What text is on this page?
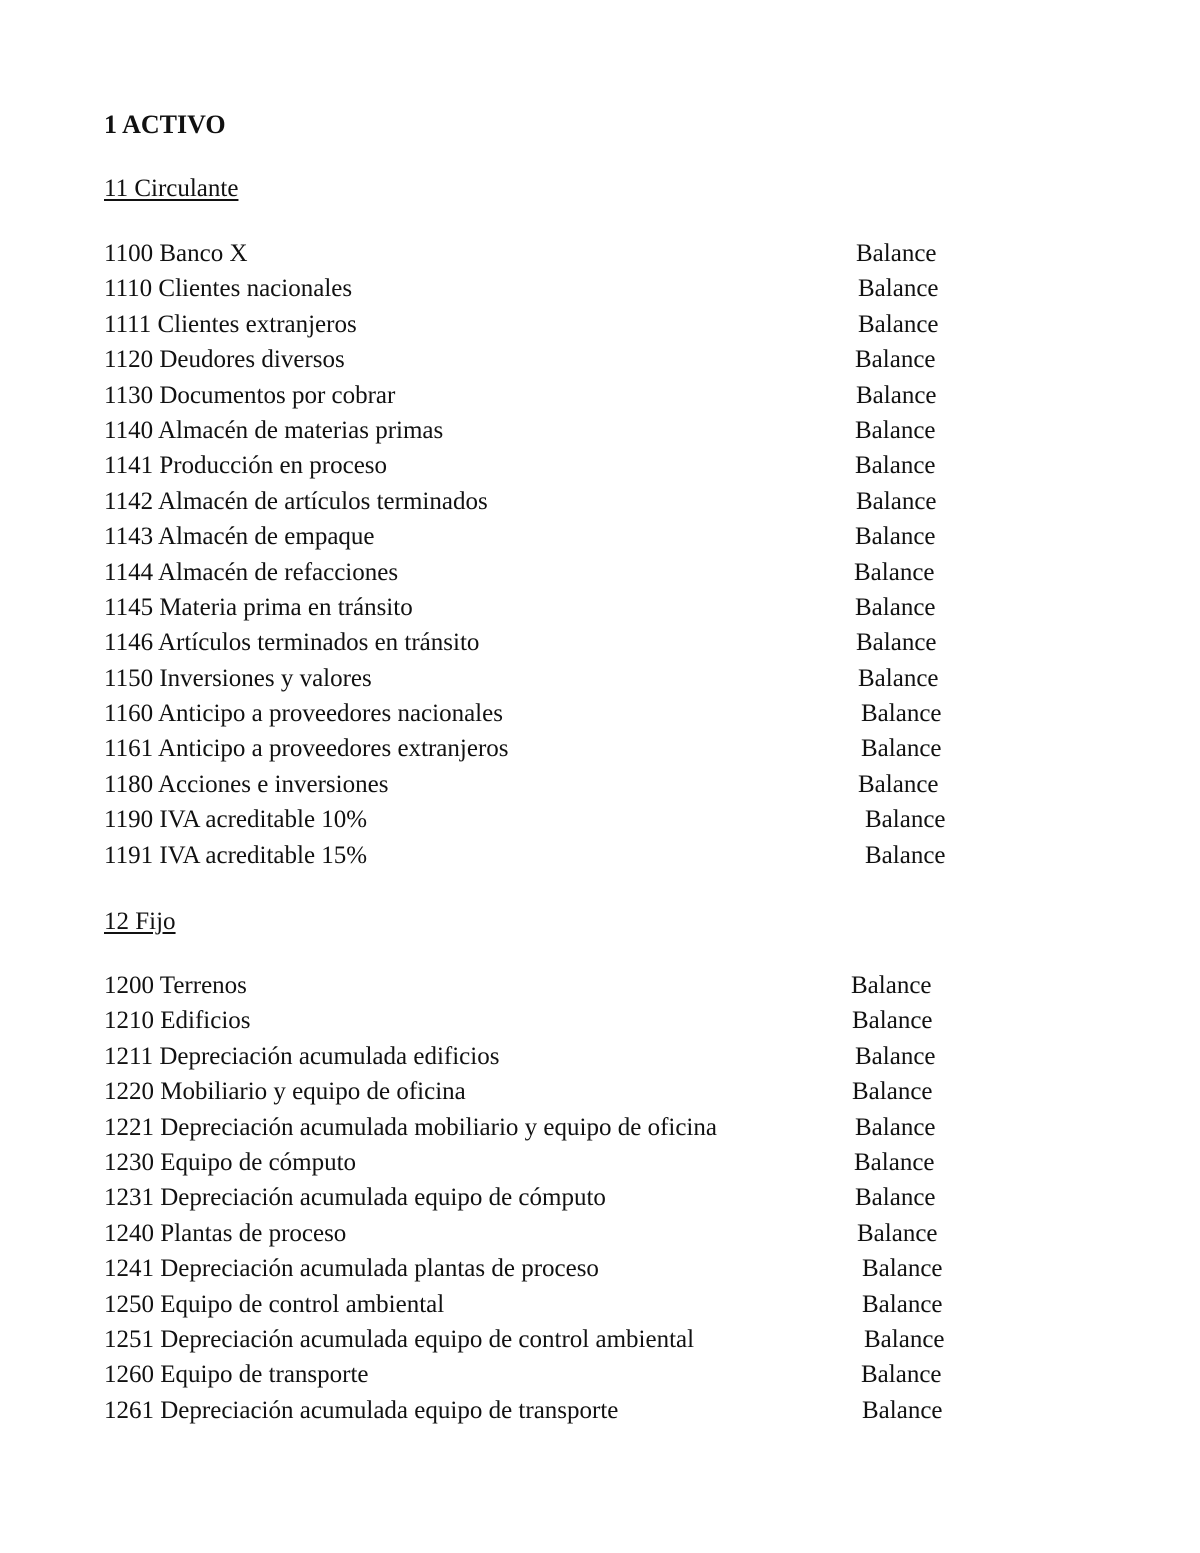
1 ACTIVO
11 Circulante
1100 Banco X	Balance
1110 Clientes nacionales	Balance
1111 Clientes extranjeros	Balance
1120 Deudores diversos	Balance
1130 Documentos por cobrar	Balance
1140 Almacén de materias primas	Balance
1141 Producción en proceso	Balance
1142 Almacén de artículos terminados	Balance
1143 Almacén de empaque	Balance
1144 Almacén de refacciones	Balance
1145 Materia prima en tránsito	Balance
1146 Artículos terminados en tránsito	Balance
1150 Inversiones y valores	Balance
1160 Anticipo a proveedores nacionales	Balance
1161 Anticipo a proveedores extranjeros	Balance
1180 Acciones e inversiones	Balance
1190 IVA acreditable 10%	Balance
1191 IVA acreditable 15%	Balance
12 Fijo
1200 Terrenos	Balance
1210 Edificios	Balance
1211 Depreciación acumulada edificios	Balance
1220 Mobiliario y equipo de oficina	Balance
1221 Depreciación acumulada mobiliario y equipo de oficina	Balance
1230 Equipo de cómputo	Balance
1231 Depreciación acumulada equipo de cómputo	Balance
1240 Plantas de proceso	Balance
1241 Depreciación acumulada plantas de proceso	Balance
1250 Equipo de control ambiental	Balance
1251 Depreciación acumulada equipo de control ambiental	Balance
1260 Equipo de transporte	Balance
1261 Depreciación acumulada equipo de transporte	Balance
